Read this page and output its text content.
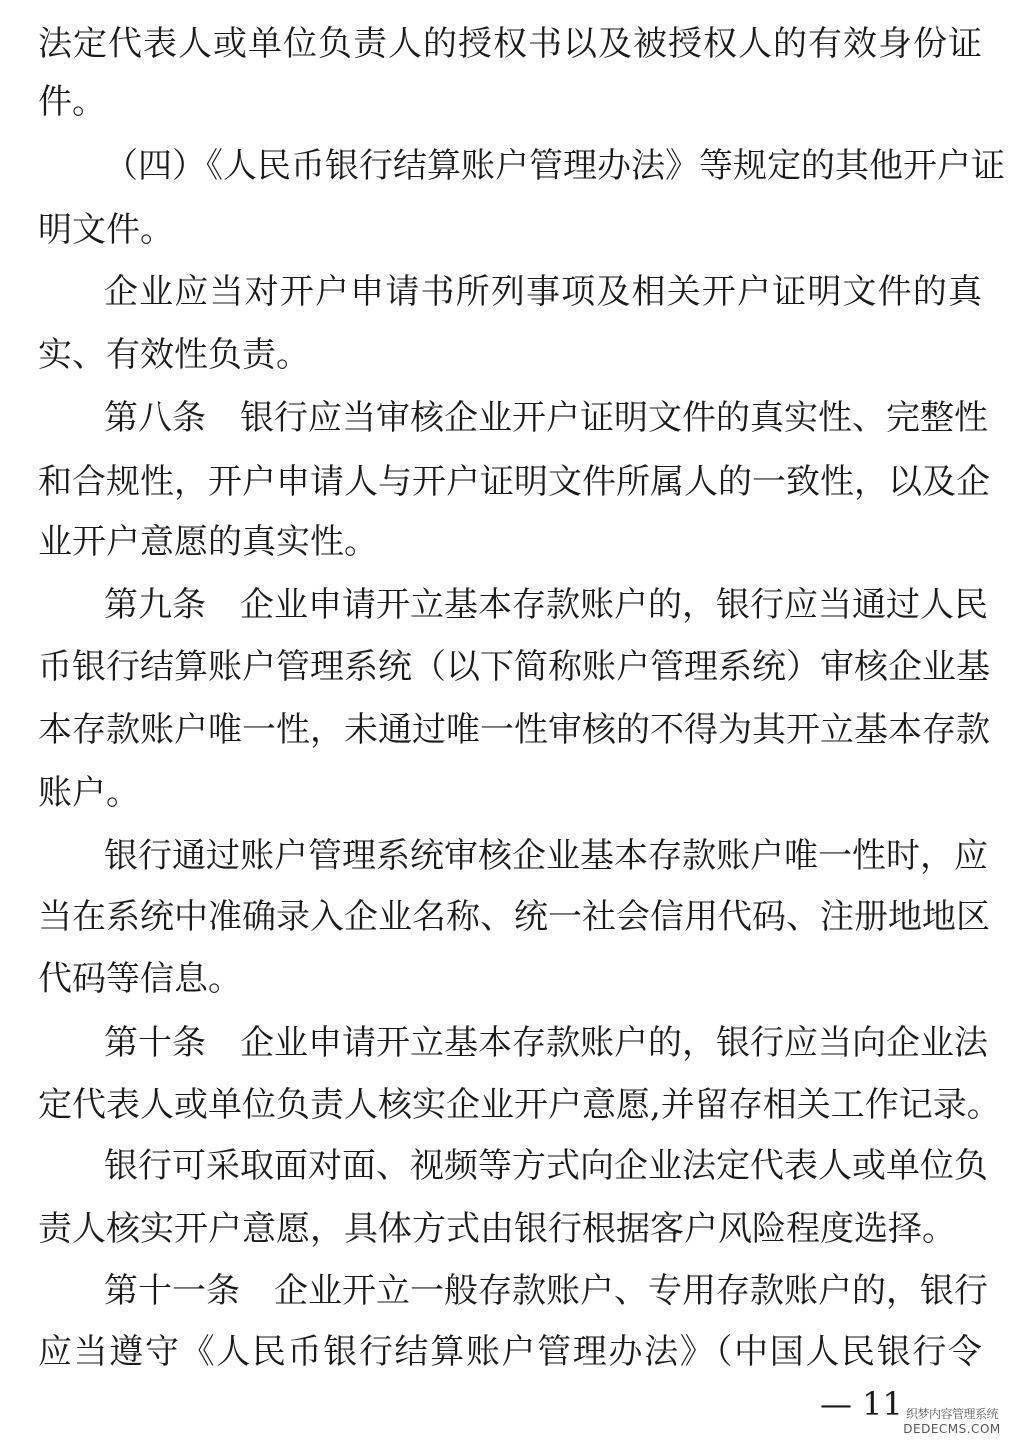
法定代表人或单位负责人的授权书以及被授权人的有效身份证
件。
（四）《人民币银行结算账户管理办法》等规定的其他开户证
明文件。
企业应当对开户申请书所列事项及相关开户证明文件的真
实、有效性负责。
第八条　银行应当审核企业开户证明文件的真实性、完整性
和合规性，开户申请人与开户证明文件所属人的一致性，以及企
业开户意愿的真实性。
第九条　企业申请开立基本存款账户的，银行应当通过人民
币银行结算账户管理系统（以下简称账户管理系统）审核企业基
本存款账户唯一性，未通过唯一性审核的不得为其开立基本存款
账户。
银行通过账户管理系统审核企业基本存款账户唯一性时，应
当在系统中准确录入企业名称、统一社会信用代码、注册地地区
代码等信息。
第十条　企业申请开立基本存款账户的，银行应当向企业法
定代表人或单位负责人核实企业开户意愿,并留存相关工作记录。
银行可采取面对面、视频等方式向企业法定代表人或单位负
责人核实开户意愿，具体方式由银行根据客户风险程度选择。
第十一条　企业开立一般存款账户、专用存款账户的，银行
应当遵守《人民币银行结算账户管理办法》（中国人民银行令
— 11 织梦内容管理系统
DEDECMS.COM
